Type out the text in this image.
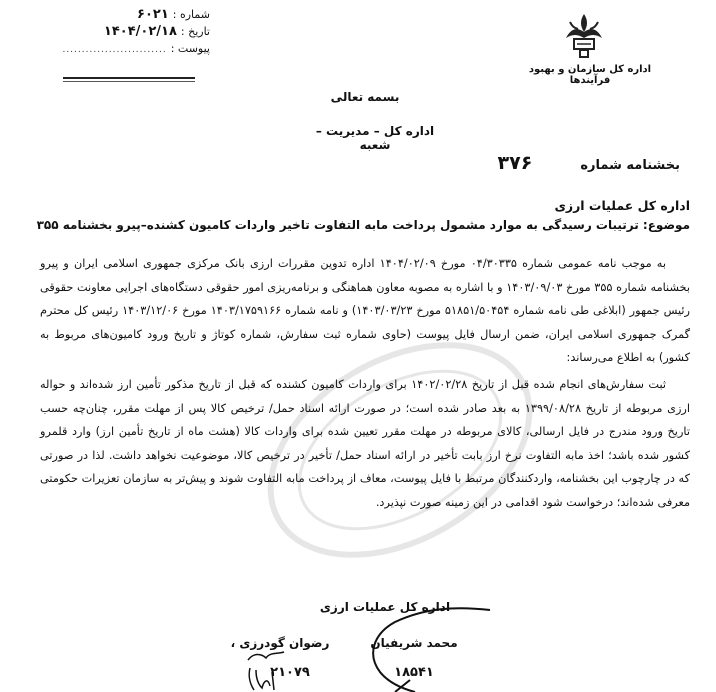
شماره :
۶۰۲۱
تاریخ :
۱۴۰۴/۰۲/۱۸
پیوست :
...........................
اداره کل سازمان و بهبود فرآیندها
بسمه تعالی
اداره کل – مدیریت – شعبه
بخشنامه شماره
۳۷۶
اداره کل عملیات ارزی
موضوع: ترتیبات رسیدگی به موارد مشمول پرداخت مابه التفاوت تاخیر واردات کامیون کشنده–پیرو بخشنامه ۳۵۵

به موجب نامه عمومی شماره ۰۴/۳۰۳۳۵ مورخ ۱۴۰۴/۰۲/۰۹ اداره تدوین مقررات ارزی بانک مرکزی جمهوری اسلامی ایران و پیرو بخشنامه شماره ۳۵۵ مورخ ۱۴۰۳/۰۹/۰۳ و با اشاره به مصوبه معاون هماهنگی و برنامه‌ریزی امور حقوقی دستگاه‌های اجرایی معاونت حقوقی رئیس جمهور (ابلاغی طی نامه شماره ۵۱۸۵۱/۵۰۴۵۴ مورخ ۱۴۰۳/۰۳/۲۳) و نامه شماره ۱۴۰۳/۱۷۵۹۱۶۶ مورخ ۱۴۰۳/۱۲/۰۶ رئیس کل محترم گمرک جمهوری اسلامی ایران، ضمن ارسال فایل پیوست (حاوی شماره ثبت سفارش، شماره کوتاژ و تاریخ ورود کامیون‌های مربوط به کشور) به اطلاع می‌رساند:

ثبت سفارش‌های انجام شده قبل از تاریخ ۱۴۰۲/۰۲/۲۸ برای واردات کامیون کشنده که قبل از تاریخ مذکور تأمین ارز شده‌اند و حواله ارزی مربوطه از تاریخ ۱۳۹۹/۰۸/۲۸ به بعد صادر شده است؛ در صورت ارائه اسناد حمل/ ترخیص کالا پس از مهلت مقرر، چنان‌چه حسب تاریخ ورود مندرج در فایل ارسالی، کالای مربوطه در مهلت مقرر تعیین شده برای واردات کالا (هشت ماه از تاریخ تأمین ارز) وارد قلمرو کشور شده باشد؛ اخذ مابه التفاوت نرخ ارز بابت تأخیر در ارائه اسناد حمل/ تأخیر در ترخیص کالا، موضوعیت نخواهد داشت. لذا در صورتی که در چارچوب این بخشنامه، واردکنندگان مرتبط با فایل پیوست، معاف از پرداخت مابه التفاوت شوند و پیش‌تر به سازمان تعزیرات حکومتی معرفی شده‌اند؛ درخواست شود اقدامی در این زمینه صورت نپذیرد.

اداره کل عملیات ارزی
محمد شریفیان
۱۸۵۴۱
رضوان گودرزی ،
۲۱۰۷۹
